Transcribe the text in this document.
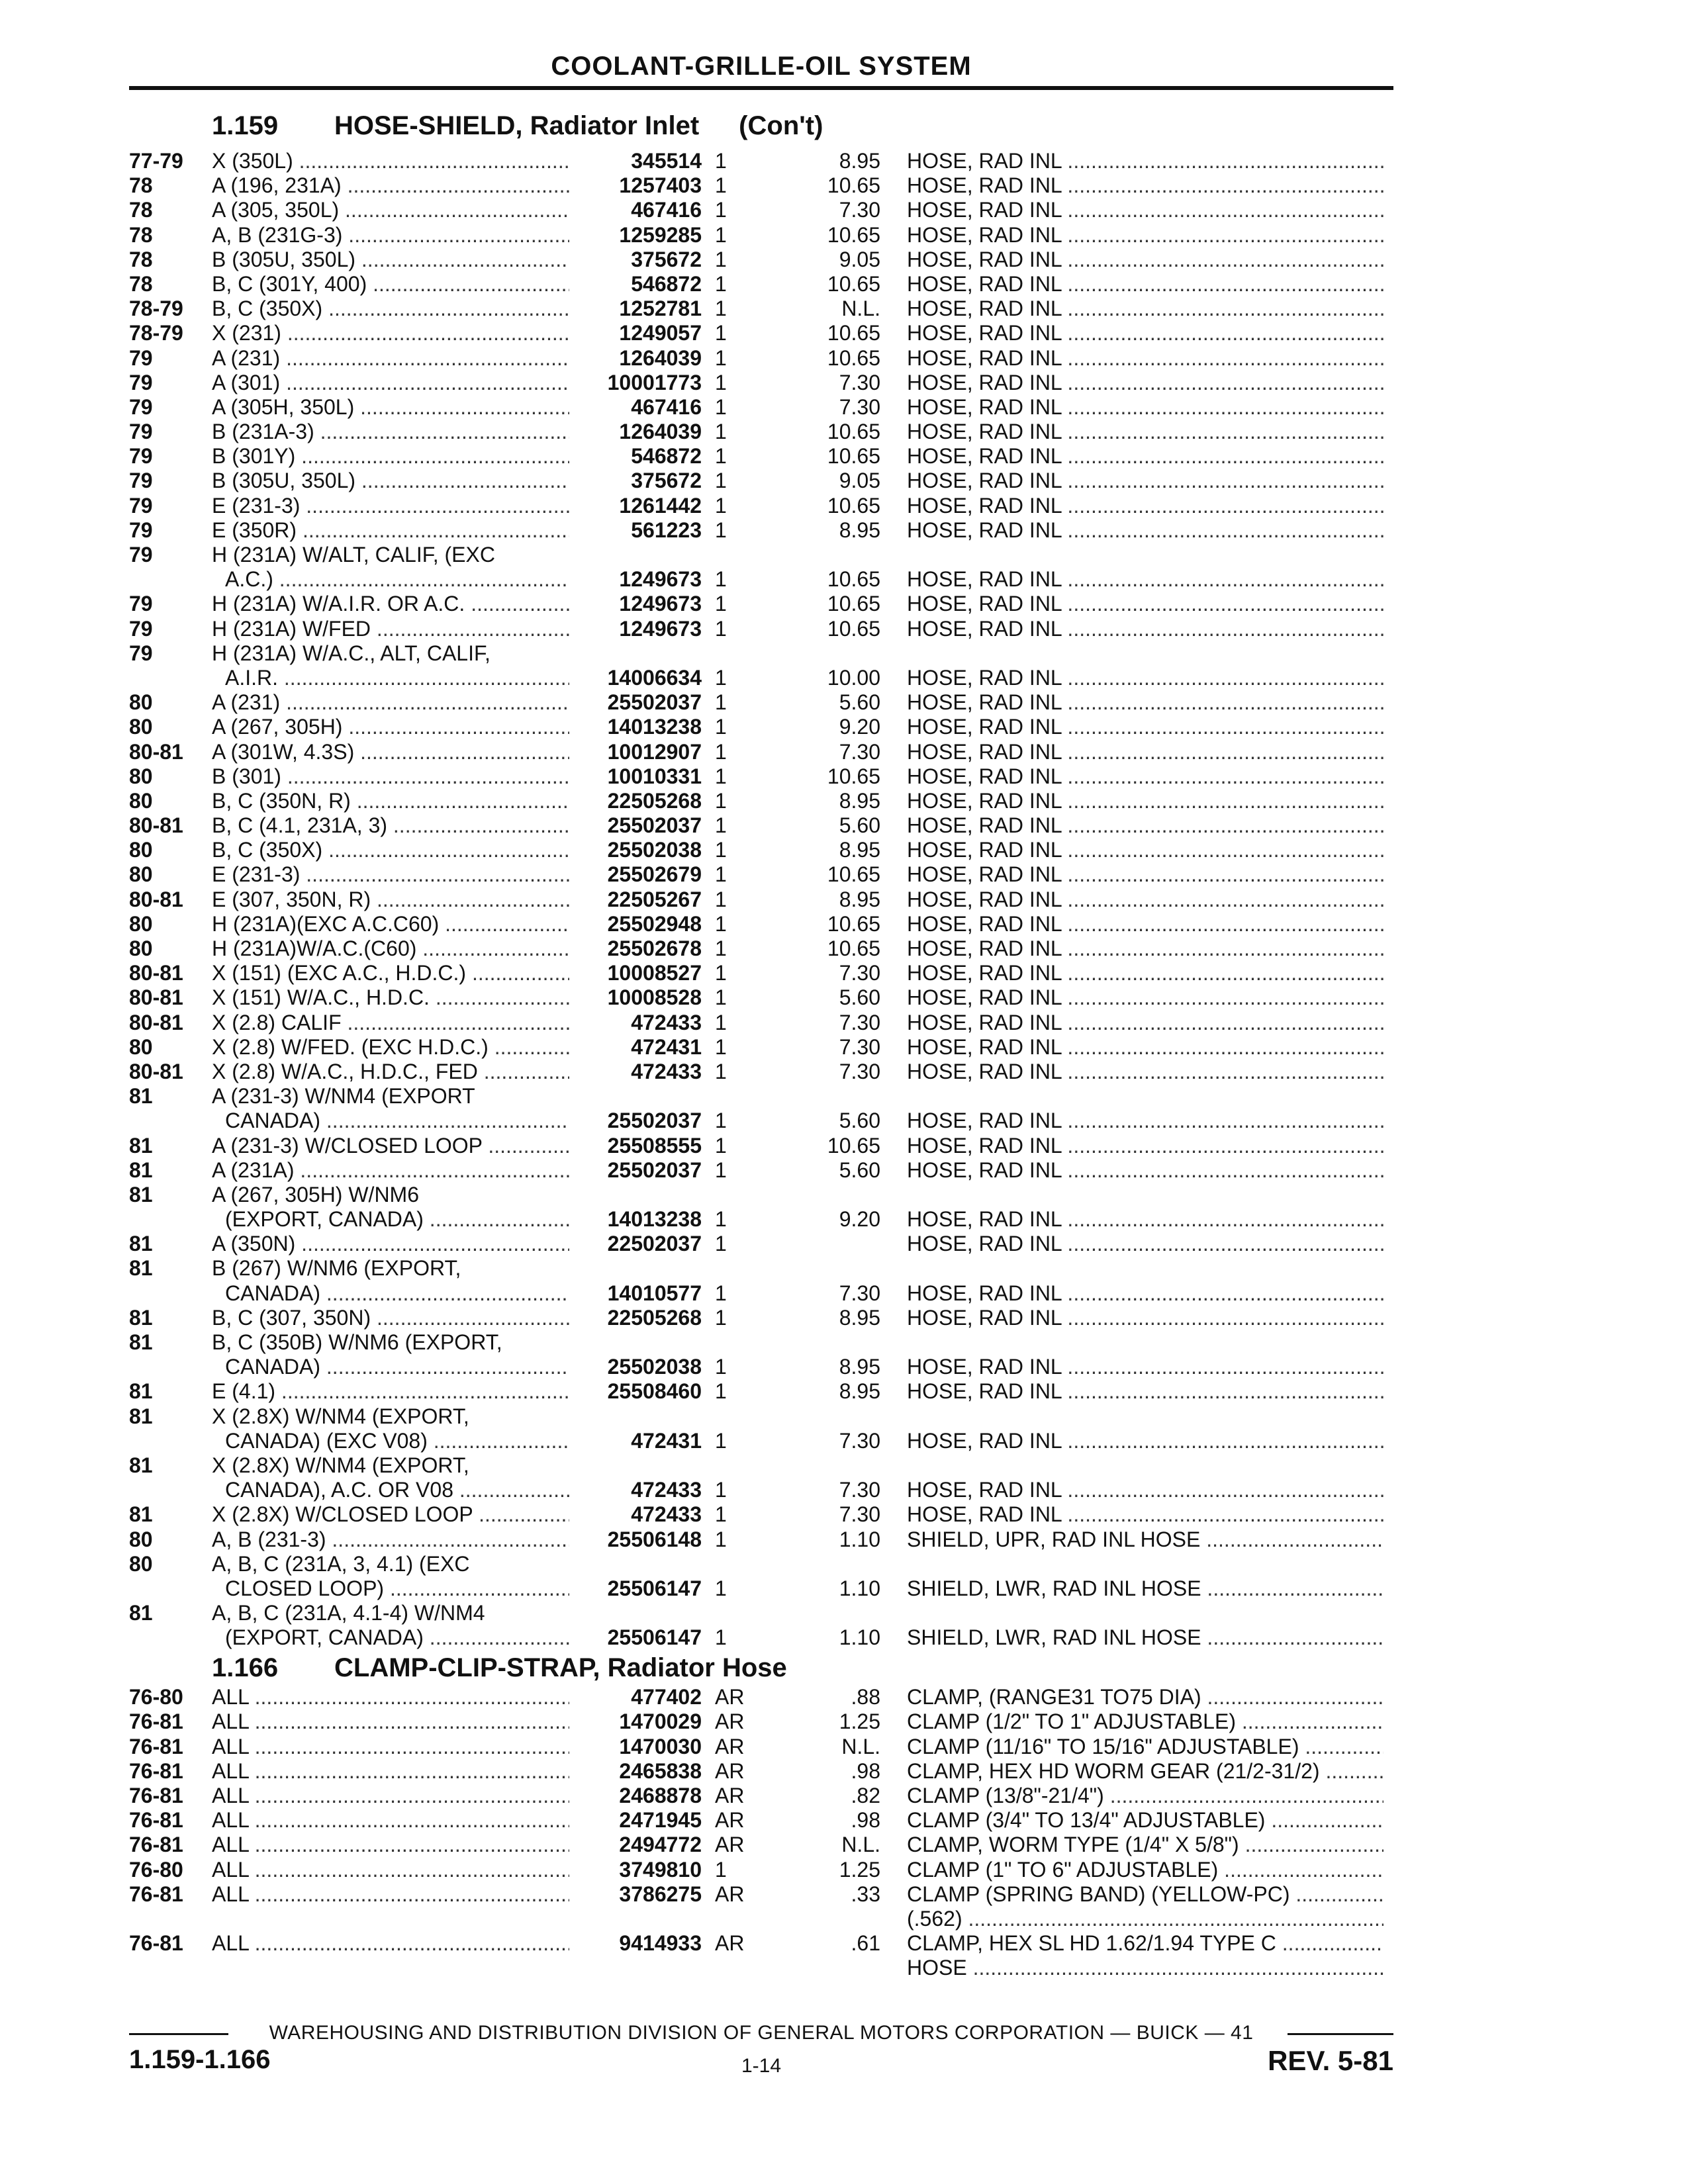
COOLANT-GRILLE-OIL SYSTEM
1.159 HOSE-SHIELD, Radiator Inlet (Con't)
77-79	X (350L) .....	345514 1	8.95 HOSE, RAD INL .....
78	A (196, 231A) .....	1257403 1	10.65 HOSE, RAD INL .....
78	A (305, 350L) .....	467416 1	7.30 HOSE, RAD INL .....
78	A, B (231G-3) .....	1259285 1	10.65 HOSE, RAD INL .....
78	B (305U, 350L) .....	375672 1	9.05 HOSE, RAD INL .....
78	B, C (301Y, 400) .....	546872 1	10.65 HOSE, RAD INL .....
78-79	B, C (350X) .....	1252781 1	N.L. HOSE, RAD INL .....
78-79	X (231) .....	1249057 1	10.65 HOSE, RAD INL .....
79	A (231) .....	1264039 1	10.65 HOSE, RAD INL .....
79	A (301) .....	10001773 1	7.30 HOSE, RAD INL .....
79	A (305H, 350L) .....	467416 1	7.30 HOSE, RAD INL .....
79	B (231A-3) .....	1264039 1	10.65 HOSE, RAD INL .....
79	B (301Y) .....	546872 1	10.65 HOSE, RAD INL .....
79	B (305U, 350L) .....	375672 1	9.05 HOSE, RAD INL .....
79	E (231-3) .....	1261442 1	10.65 HOSE, RAD INL .....
79	E (350R) .....	561223 1	8.95 HOSE, RAD INL .....
79	H (231A) W/ALT, CALIF, (EXC
A.C.) .....	1249673 1	10.65 HOSE, RAD INL .....
79	H (231A) W/A.I.R. OR A.C. .....	1249673 1	10.65 HOSE, RAD INL .....
79	H (231A) W/FED .....	1249673 1	10.65 HOSE, RAD INL .....
79	H (231A) W/A.C., ALT, CALIF,
A.I.R. .....	14006634 1	10.00 HOSE, RAD INL .....
80	A (231) .....	25502037 1	5.60 HOSE, RAD INL .....
80	A (267, 305H) .....	14013238 1	9.20 HOSE, RAD INL .....
80-81	A (301W, 4.3S) .....	10012907 1	7.30 HOSE, RAD INL .....
80	B (301) .....	10010331 1	10.65 HOSE, RAD INL .....
80	B, C (350N, R) .....	22505268 1	8.95 HOSE, RAD INL .....
80-81	B, C (4.1, 231A, 3) .....	25502037 1	5.60 HOSE, RAD INL .....
80	B, C (350X) .....	25502038 1	8.95 HOSE, RAD INL .....
80	E (231-3) .....	25502679 1	10.65 HOSE, RAD INL .....
80-81	E (307, 350N, R) .....	22505267 1	8.95 HOSE, RAD INL .....
80	H (231A)(EXC A.C.C60) .....	25502948 1	10.65 HOSE, RAD INL .....
80	H (231A)W/A.C.(C60) .....	25502678 1	10.65 HOSE, RAD INL .....
80-81	X (151) (EXC A.C., H.D.C.) .....	10008527 1	7.30 HOSE, RAD INL .....
80-81	X (151) W/A.C., H.D.C. .....	10008528 1	5.60 HOSE, RAD INL .....
80-81	X (2.8) CALIF .....	472433 1	7.30 HOSE, RAD INL .....
80	X (2.8) W/FED. (EXC H.D.C.) .....	472431 1	7.30 HOSE, RAD INL .....
80-81	X (2.8) W/A.C., H.D.C., FED .....	472433 1	7.30 HOSE, RAD INL .....
81	A (231-3) W/NM4 (EXPORT
CANADA) .....	25502037 1	5.60 HOSE, RAD INL .....
81	A (231-3) W/CLOSED LOOP .....	25508555 1	10.65 HOSE, RAD INL .....
81	A (231A) .....	25502037 1	5.60 HOSE, RAD INL .....
81	A (267, 305H) W/NM6
(EXPORT, CANADA) .....	14013238 1	9.20 HOSE, RAD INL .....
81	A (350N) .....	22502037 1	HOSE, RAD INL .....
81	B (267) W/NM6 (EXPORT,
CANADA) .....	14010577 1	7.30 HOSE, RAD INL .....
81	B, C (307, 350N) .....	22505268 1	8.95 HOSE, RAD INL .....
81	B, C (350B) W/NM6 (EXPORT,
CANADA) .....	25502038 1	8.95 HOSE, RAD INL .....
81	E (4.1) .....	25508460 1	8.95 HOSE, RAD INL .....
81	X (2.8X) W/NM4 (EXPORT,
CANADA) (EXC V08) .....	472431 1	7.30 HOSE, RAD INL .....
81	X (2.8X) W/NM4 (EXPORT,
CANADA), A.C. OR V08 .....	472433 1	7.30 HOSE, RAD INL .....
81	X (2.8X) W/CLOSED LOOP .....	472433 1	7.30 HOSE, RAD INL .....
80	A, B (231-3) .....	25506148 1	1.10 SHIELD, UPR, RAD INL HOSE .....
80	A, B, C (231A, 3, 4.1) (EXC
CLOSED LOOP) .....	25506147 1	1.10 SHIELD, LWR, RAD INL HOSE .....
81	A, B, C (231A, 4.1-4) W/NM4
(EXPORT, CANADA) .....	25506147 1	1.10 SHIELD, LWR, RAD INL HOSE .....
1.166 CLAMP-CLIP-STRAP, Radiator Hose
76-80	ALL .....	477402 AR	.88 CLAMP, (RANGE31 TO75 DIA) .....
76-81	ALL .....	1470029 AR	1.25 CLAMP (1/2" TO 1" ADJUSTABLE) .....
76-81	ALL .....	1470030 AR	N.L. CLAMP (11/16" TO 15/16" ADJUSTABLE) .....
76-81	ALL .....	2465838 AR	.98 CLAMP, HEX HD WORM GEAR (21/2-31/2) .....
76-81	ALL .....	2468878 AR	.82 CLAMP (13/8"-21/4") .....
76-81	ALL .....	2471945 AR	.98 CLAMP (3/4" TO 13/4" ADJUSTABLE) .....
76-81	ALL .....	2494772 AR	N.L. CLAMP, WORM TYPE (1/4" X 5/8") .....
76-80	ALL .....	3749810 1	1.25 CLAMP (1" TO 6" ADJUSTABLE) .....
76-81	ALL .....	3786275 AR	.33 CLAMP (SPRING BAND) (YELLOW-PC) .....
(.562) .....
76-81	ALL .....	9414933 AR	.61 CLAMP, HEX SL HD 1.62/1.94 TYPE C .....
HOSE .....
WAREHOUSING AND DISTRIBUTION DIVISION OF GENERAL MOTORS CORPORATION — BUICK — 41
1.159-1.166	1-14	REV. 5-81
